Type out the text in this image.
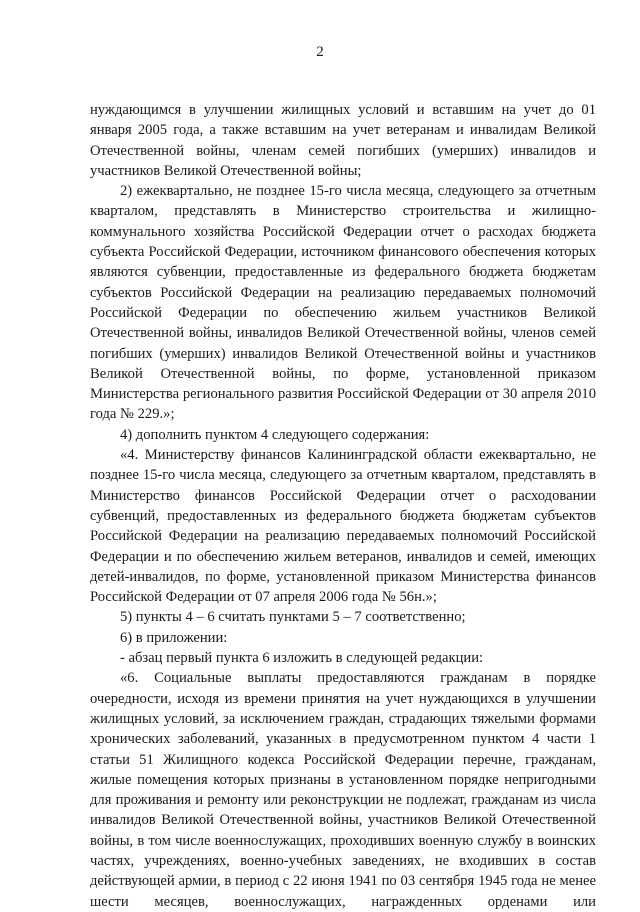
2

нуждающимся в улучшении жилищных условий и вставшим на учет до 01 января 2005 года, а также вставшим на учет ветеранам и инвалидам Великой Отечественной войны, членам семей погибших (умерших) инвалидов и участников Великой Отечественной войны;

2) ежеквартально, не позднее 15-го числа месяца, следующего за отчетным кварталом, представлять в Министерство строительства и жилищно-коммунального хозяйства Российской Федерации отчет о расходах бюджета субъекта Российской Федерации, источником финансового обеспечения которых являются субвенции, предоставленные из федерального бюджета бюджетам субъектов Российской Федерации на реализацию передаваемых полномочий Российской Федерации по обеспечению жильем участников Великой Отечественной войны, инвалидов Великой Отечественной войны, членов семей погибших (умерших) инвалидов Великой Отечественной войны и участников Великой Отечественной войны, по форме, установленной приказом Министерства регионального развития Российской Федерации от 30 апреля 2010 года № 229.»;

4) дополнить пунктом 4 следующего содержания:

«4. Министерству финансов Калининградской области ежеквартально, не позднее 15-го числа месяца, следующего за отчетным кварталом, представлять в Министерство финансов Российской Федерации отчет о расходовании субвенций, предоставленных из федерального бюджета бюджетам субъектов Российской Федерации на реализацию передаваемых полномочий Российской Федерации и по обеспечению жильем ветеранов, инвалидов и семей, имеющих детей-инвалидов, по форме, установленной приказом Министерства финансов Российской Федерации от 07 апреля 2006 года № 56н.»;

5) пункты 4 – 6 считать пунктами 5 – 7 соответственно;

6) в приложении:

- абзац первый пункта 6 изложить в следующей редакции:

«6. Социальные выплаты предоставляются гражданам в порядке очередности, исходя из времени принятия на учет нуждающихся в улучшении жилищных условий, за исключением граждан, страдающих тяжелыми формами хронических заболеваний, указанных в предусмотренном пунктом 4 части 1 статьи 51 Жилищного кодекса Российской Федерации перечне, гражданам, жилые помещения которых признаны в установленном порядке непригодными для проживания и ремонту или реконструкции не подлежат, гражданам из числа инвалидов Великой Отечественной войны, участников Великой Отечественной войны, в том числе военнослужащих, проходивших военную службу в воинских частях, учреждениях, военно-учебных заведениях, не входивших в состав действующей армии, в период с 22 июня 1941 по 03 сентября 1945 года не менее шести месяцев, военнослужащих, награжденных орденами или
